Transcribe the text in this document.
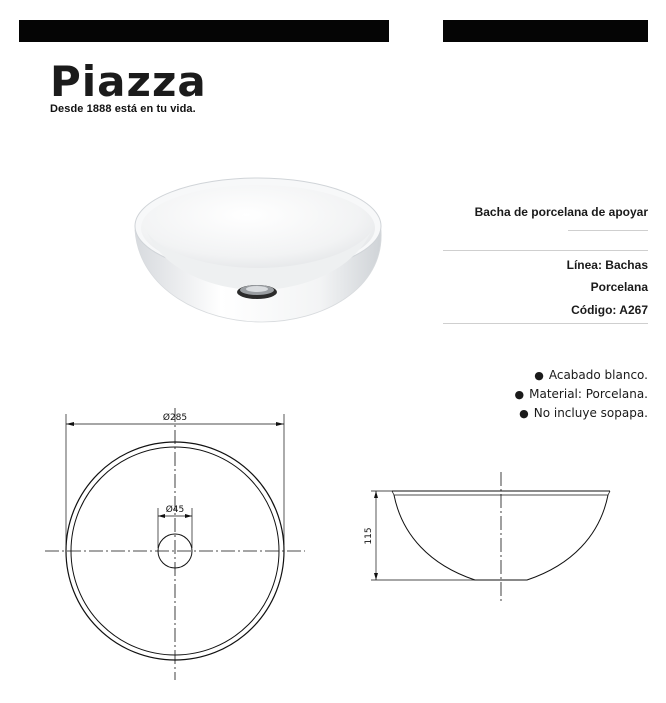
Piazza
Desde 1888 está en tu vida.
Bacha de porcelana de apoyar
Línea: Bachas
Porcelana
Código: A267
● Acabado blanco.
● Material: Porcelana.
● No incluye sopapa.
Ø285
Ø45
115
